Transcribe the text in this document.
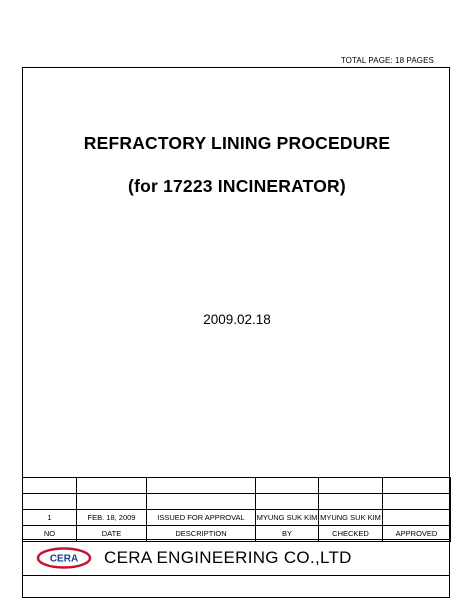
TOTAL PAGE: 18 PAGES
REFRACTORY LINING PROCEDURE
(for 17223 INCINERATOR)
2009.02.18

1	FEB. 18, 2009	ISSUED FOR APPROVAL	MYUNG SUK KIM	MYUNG SUK KIM	
NO	DATE	DESCRIPTION	BY	CHECKED	APPROVED
CERA CERA ENGINEERING CO.,LTD
